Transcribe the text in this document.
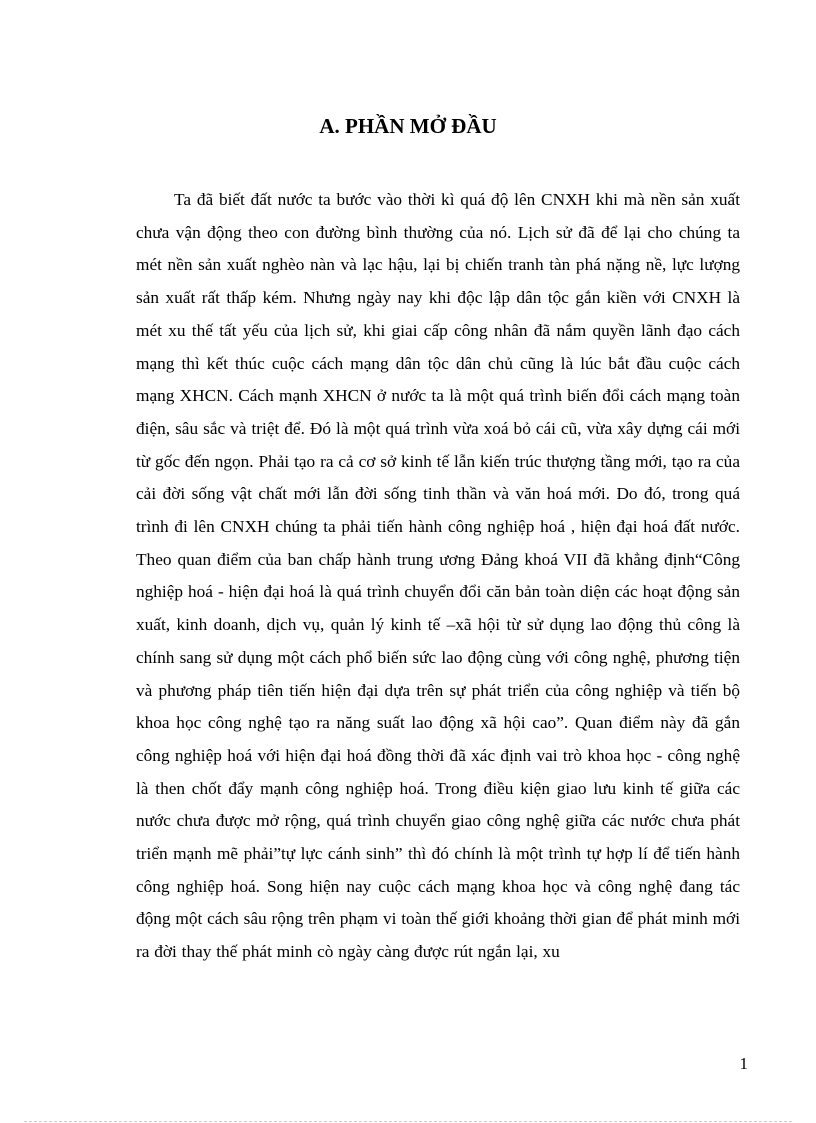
A. PHẦN MỞ ĐẦU

Ta đã biết đất nước ta bước vào thời kì quá độ lên CNXH khi mà nền sản xuất chưa vận động theo con đường bình thường của nó. Lịch sử đã để lại cho chúng ta mét nền sản xuất nghèo nàn và lạc hậu, lại bị chiến tranh tàn phá nặng nề, lực lượng sản xuất rất thấp kém. Nhưng ngày nay khi độc lập dân tộc gắn kiền với CNXH là mét xu thế tất yếu của lịch sử, khi giai cấp công nhân đã nắm quyền lãnh đạo cách mạng thì kết thúc cuộc cách mạng dân tộc dân chủ cũng là lúc bắt đầu cuộc cách mạng XHCN. Cách mạnh XHCN ở nước ta là một quá trình biến đổi cách mạng toàn điện, sâu sắc và triệt để. Đó là một quá trình vừa xoá bỏ cái cũ, vừa xây dựng cái mới từ gốc đến ngọn. Phải tạo ra cả cơ sở kinh tế lẫn kiến trúc thượng tầng mới, tạo ra của cải đời sống vật chất mới lẫn đời sống tinh thần và văn hoá mới. Do đó, trong quá trình đi lên CNXH chúng ta phải tiến hành công nghiệp hoá , hiện đại hoá đất nước. Theo quan điểm của ban chấp hành trung ương Đảng khoá VII đã khẳng định“Công nghiệp hoá - hiện đại hoá là quá trình chuyển đổi căn bản toàn diện các hoạt động sản xuất, kinh doanh, dịch vụ, quản lý kinh tế –xã hội từ sử dụng lao động thủ công là chính sang sử dụng một cách phổ biến sức lao động cùng với công nghệ, phương tiện và phương pháp tiên tiến hiện đại dựa trên sự phát triển của công nghiệp và tiến bộ khoa học công nghệ tạo ra năng suất lao động xã hội cao”. Quan điểm này đã gắn công nghiệp hoá với hiện đại hoá đồng thời đã xác định vai trò khoa học - công nghệ là then chốt đẩy mạnh công nghiệp hoá. Trong điều kiện giao lưu kinh tế giữa các nước chưa được mở rộng, quá trình chuyển giao công nghệ giữa các nước chưa phát triển mạnh mẽ phải”tự lực cánh sinh” thì đó chính là một trình tự hợp lí để tiến hành công nghiệp hoá. Song hiện nay cuộc cách mạng khoa học và công nghệ đang tác động một cách sâu rộng trên phạm vi toàn thế giới khoảng thời gian để phát minh mới ra đời thay thế phát minh cò ngày càng được rút ngắn lại, xu

1
